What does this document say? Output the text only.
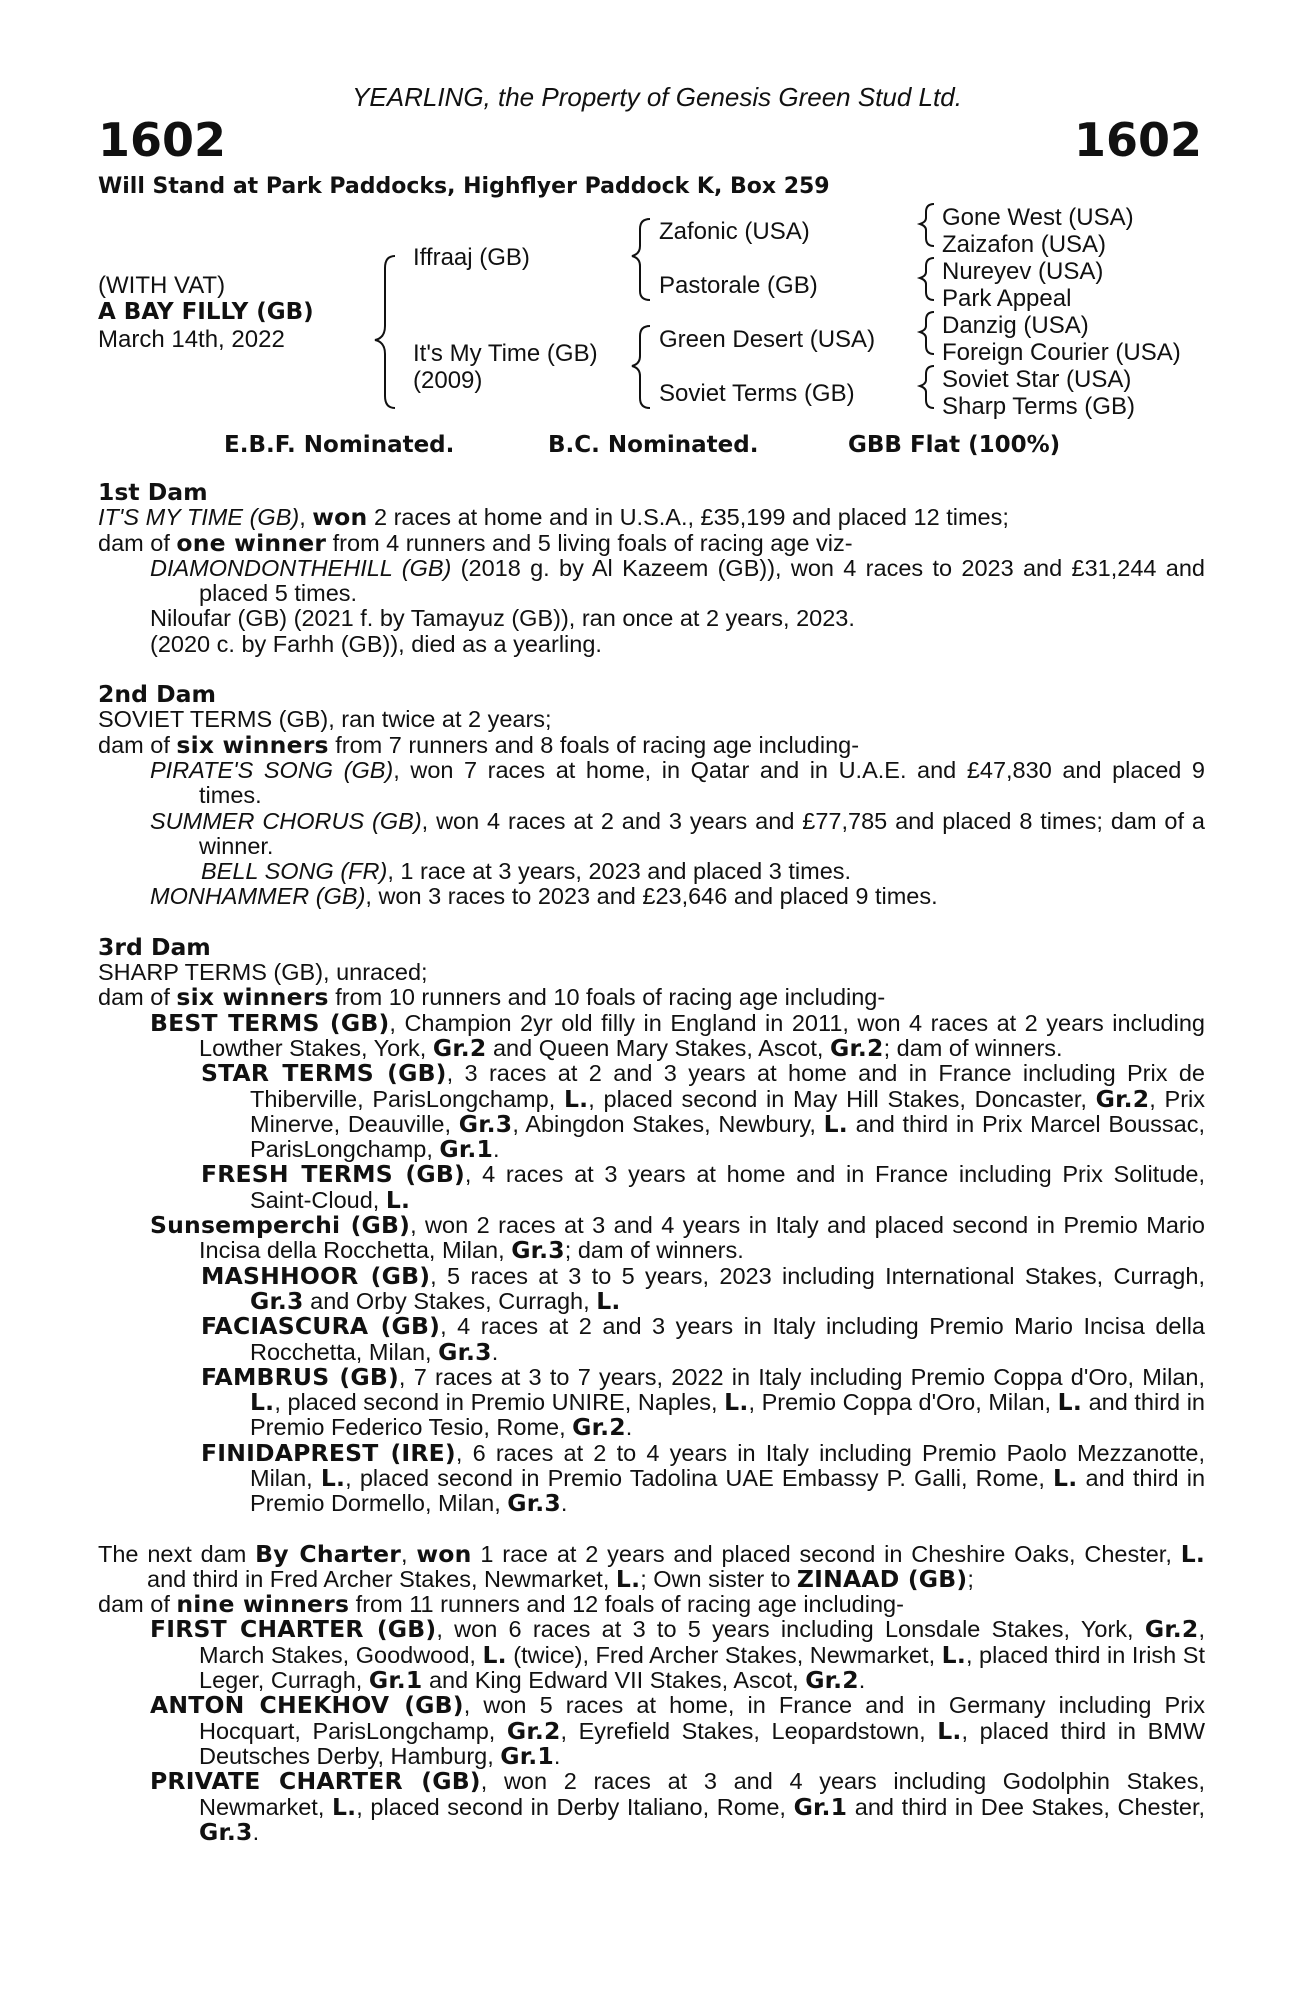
YEARLING, the Property of Genesis Green Stud Ltd.
1602	1602
Will Stand at Park Paddocks, Highflyer Paddock K, Box 259
(WITH VAT)
A BAY FILLY (GB)
March 14th, 2022
Iffraaj (GB)
It's My Time (GB)
(2009)
Zafonic (USA)
Pastorale (GB)
Green Desert (USA)
Soviet Terms (GB)
Gone West (USA)
Zaizafon (USA)
Nureyev (USA)
Park Appeal
Danzig (USA)
Foreign Courier (USA)
Soviet Star (USA)
Sharp Terms (GB)
E.B.F. Nominated.	B.C. Nominated.	GBB Flat (100%)
1st Dam
IT'S MY TIME (GB), won 2 races at home and in U.S.A., £35,199 and placed 12 times;
dam of one winner from 4 runners and 5 living foals of racing age viz-
DIAMONDONTHEHILL (GB) (2018 g. by Al Kazeem (GB)), won 4 races to 2023 and £31,244 and placed 5 times.
Niloufar (GB) (2021 f. by Tamayuz (GB)), ran once at 2 years, 2023.
(2020 c. by Farhh (GB)), died as a yearling.
2nd Dam
SOVIET TERMS (GB), ran twice at 2 years;
dam of six winners from 7 runners and 8 foals of racing age including-
PIRATE'S SONG (GB), won 7 races at home, in Qatar and in U.A.E. and £47,830 and placed 9 times.
SUMMER CHORUS (GB), won 4 races at 2 and 3 years and £77,785 and placed 8 times; dam of a winner.
BELL SONG (FR), 1 race at 3 years, 2023 and placed 3 times.
MONHAMMER (GB), won 3 races to 2023 and £23,646 and placed 9 times.
3rd Dam
SHARP TERMS (GB), unraced;
dam of six winners from 10 runners and 10 foals of racing age including-
BEST TERMS (GB), Champion 2yr old filly in England in 2011, won 4 races at 2 years including Lowther Stakes, York, Gr.2 and Queen Mary Stakes, Ascot, Gr.2; dam of winners.
STAR TERMS (GB), 3 races at 2 and 3 years at home and in France including Prix de Thiberville, ParisLongchamp, L., placed second in May Hill Stakes, Doncaster, Gr.2, Prix Minerve, Deauville, Gr.3, Abingdon Stakes, Newbury, L. and third in Prix Marcel Boussac, ParisLongchamp, Gr.1.
FRESH TERMS (GB), 4 races at 3 years at home and in France including Prix Solitude, Saint-Cloud, L.
Sunsemperchi (GB), won 2 races at 3 and 4 years in Italy and placed second in Premio Mario Incisa della Rocchetta, Milan, Gr.3; dam of winners.
MASHHOOR (GB), 5 races at 3 to 5 years, 2023 including International Stakes, Curragh, Gr.3 and Orby Stakes, Curragh, L.
FACIASCURA (GB), 4 races at 2 and 3 years in Italy including Premio Mario Incisa della Rocchetta, Milan, Gr.3.
FAMBRUS (GB), 7 races at 3 to 7 years, 2022 in Italy including Premio Coppa d'Oro, Milan, L., placed second in Premio UNIRE, Naples, L., Premio Coppa d'Oro, Milan, L. and third in Premio Federico Tesio, Rome, Gr.2.
FINIDAPREST (IRE), 6 races at 2 to 4 years in Italy including Premio Paolo Mezzanotte, Milan, L., placed second in Premio Tadolina UAE Embassy P. Galli, Rome, L. and third in Premio Dormello, Milan, Gr.3.
The next dam By Charter, won 1 race at 2 years and placed second in Cheshire Oaks, Chester, L. and third in Fred Archer Stakes, Newmarket, L.; Own sister to ZINAAD (GB);
dam of nine winners from 11 runners and 12 foals of racing age including-
FIRST CHARTER (GB), won 6 races at 3 to 5 years including Lonsdale Stakes, York, Gr.2, March Stakes, Goodwood, L. (twice), Fred Archer Stakes, Newmarket, L., placed third in Irish St Leger, Curragh, Gr.1 and King Edward VII Stakes, Ascot, Gr.2.
ANTON CHEKHOV (GB), won 5 races at home, in France and in Germany including Prix Hocquart, ParisLongchamp, Gr.2, Eyrefield Stakes, Leopardstown, L., placed third in BMW Deutsches Derby, Hamburg, Gr.1.
PRIVATE CHARTER (GB), won 2 races at 3 and 4 years including Godolphin Stakes, Newmarket, L., placed second in Derby Italiano, Rome, Gr.1 and third in Dee Stakes, Chester, Gr.3.
